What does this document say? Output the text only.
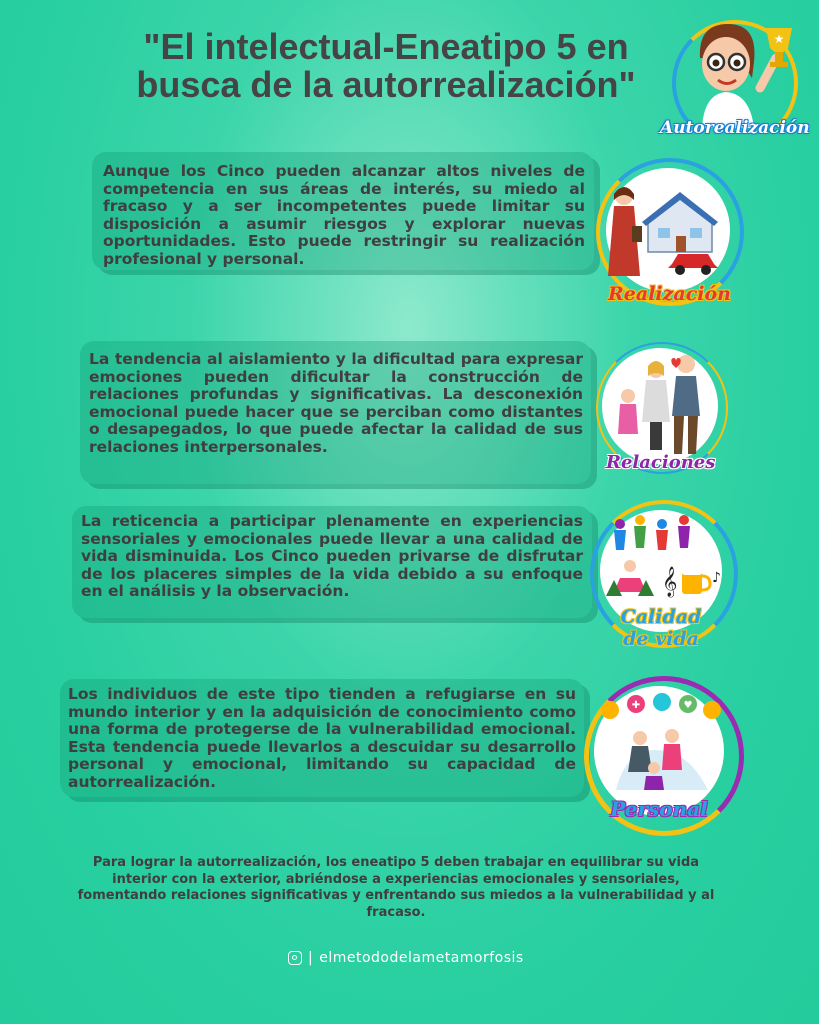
"El intelectual-Eneatipo 5 en busca de la autorrealización"
★
Autorealización

Aunque los Cinco pueden alcanzar altos niveles de competencia en sus áreas de interés, su miedo al fracaso y a ser incompetentes puede limitar su disposición a asumir riesgos y explorar nuevas oportunidades. Esto puede restringir su realización profesional y personal.

Realización

La tendencia al aislamiento y la dificultad para expresar emociones pueden dificultar la construcción de relaciones profundas y significativas. La desconexión emocional puede hacer que se perciban como distantes o desapegados, lo que puede afectar la calidad de sus relaciones interpersonales.

Relaciones

La reticencia a participar plenamente en experiencias sensoriales y emocionales puede llevar a una calidad de vida disminuida. Los Cinco pueden privarse de disfrutar de los placeres simples de la vida debido a su enfoque en el análisis y la observación.	𝄞 ♪
Calidad de vida

Los individuos de este tipo tienden a refugiarse en su mundo interior y en la adquisición de conocimiento como una forma de protegerse de la vulnerabilidad emocional. Esta tendencia puede llevarlos a descuidar su desarrollo personal y emocional, limitando su capacidad de autorrealización.

✚	♥
Personal

Para lograr la autorrealización, los eneatipo 5 deben trabajar en equilibrar su vida interior con la exterior, abriéndose a experiencias emocionales y sensoriales, fomentando relaciones significativas y enfrentando sus miedos a la vulnerabilidad y al fracaso.

| elmetododelametamorfosis
